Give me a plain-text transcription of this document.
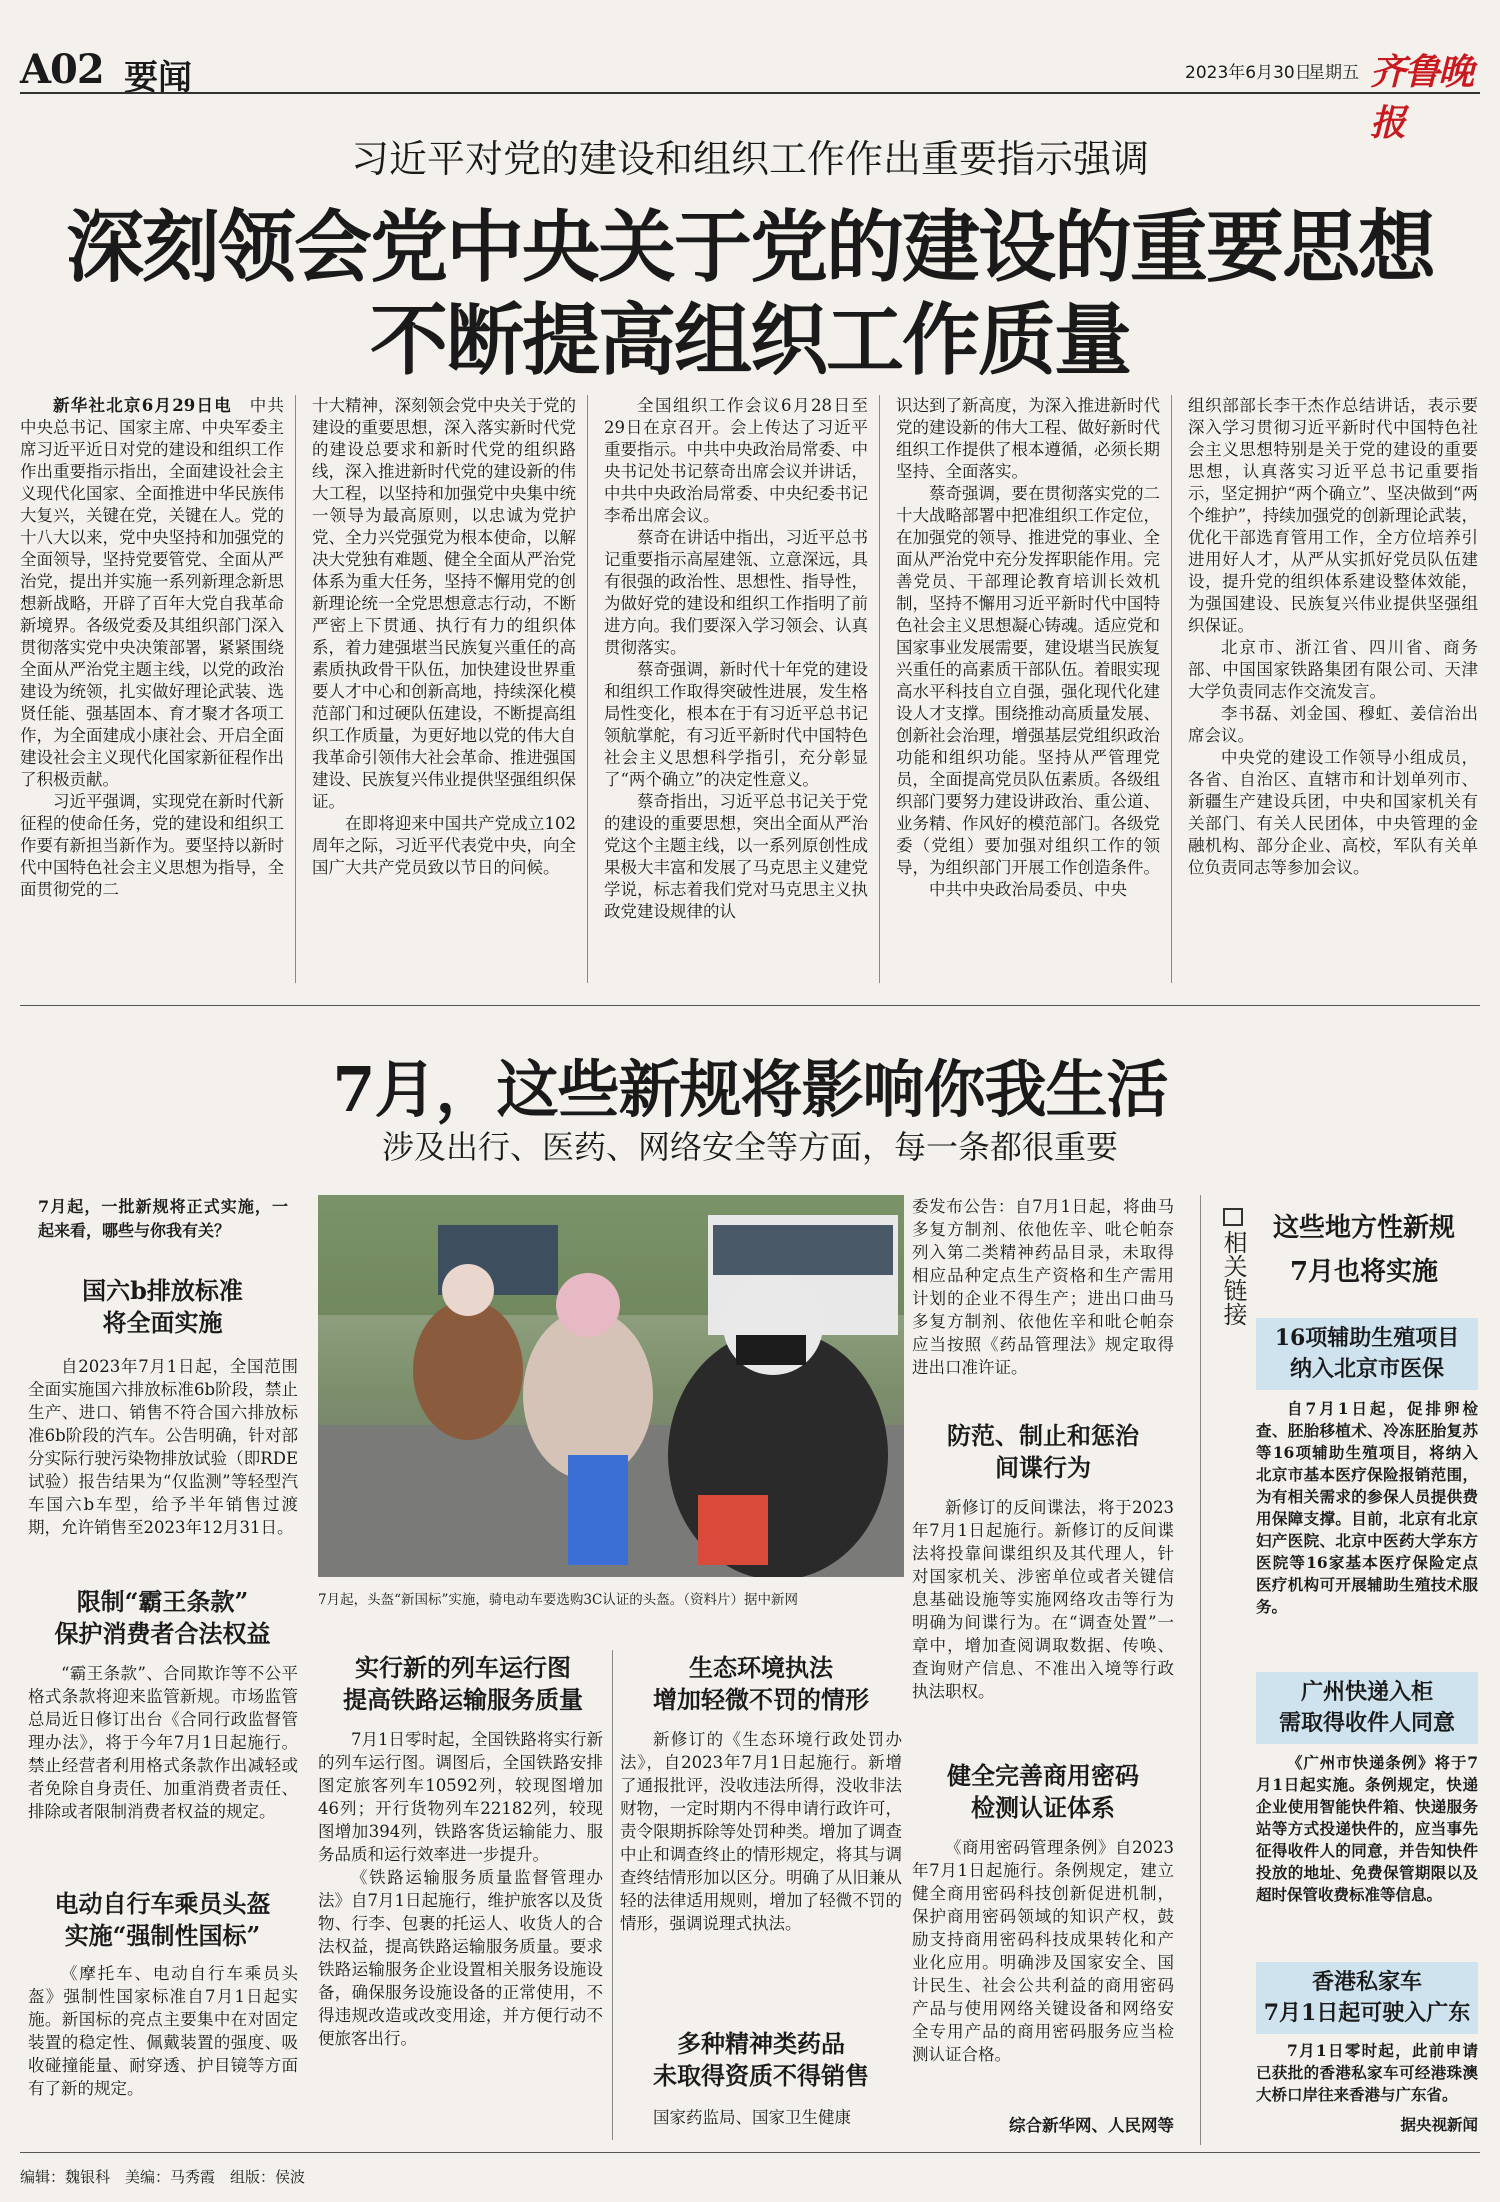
A02 要闻	2023年6月30日
星期五 齐鲁晚报
习近平对党的建设和组织工作作出重要指示强调
深刻领会党中央关于党的建设的重要思想
不断提高组织工作质量

新华社北京6月29日电　 中共中央总书记、国家主席、中央军委主席习近平近日对党的建设和组织工作作出重要指示指出，全面建设社会主义现代化国家、全面推进中华民族伟大复兴，关键在党，关键在人。党的十八大以来，党中央坚持和加强党的全面领导，坚持党要管党、全面从严治党，提出并实施一系列新理念新思想新战略，开辟了百年大党自我革命新境界。各级党委及其组织部门深入贯彻落实党中央决策部署，紧紧围绕全面从严治党主题主线，以党的政治建设为统领，扎实做好理论武装、选贤任能、强基固本、育才聚才各项工作，为全面建成小康社会、开启全面建设社会主义现代化国家新征程作出了积极贡献。

习近平强调，实现党在新时代新征程的使命任务，党的建设和组织工作要有新担当新作为。要坚持以新时代中国特色社会主义思想为指导，全面贯彻党的二

十大精神，深刻领会党中央关于党的建设的重要思想，深入落实新时代党的建设总要求和新时代党的组织路线，深入推进新时代党的建设新的伟大工程，以坚持和加强党中央集中统一领导为最高原则，以忠诚为党护党、全力兴党强党为根本使命，以解决大党独有难题、健全全面从严治党体系为重大任务，坚持不懈用党的创新理论统一全党思想意志行动，不断严密上下贯通、执行有力的组织体系，着力建强堪当民族复兴重任的高素质执政骨干队伍，加快建设世界重要人才中心和创新高地，持续深化模范部门和过硬队伍建设，不断提高组织工作质量，为更好地以党的伟大自我革命引领伟大社会革命、推进强国建设、民族复兴伟业提供坚强组织保证。

在即将迎来中国共产党成立102周年之际，习近平代表党中央，向全国广大共产党员致以节日的问候。

全国组织工作会议6月28日至29日在京召开。会上传达了习近平重要指示。中共中央政治局常委、中央书记处书记蔡奇出席会议并讲话，中共中央政治局常委、中央纪委书记李希出席会议。

蔡奇在讲话中指出，习近平总书记重要指示高屋建瓴、立意深远，具有很强的政治性、思想性、指导性，为做好党的建设和组织工作指明了前进方向。我们要深入学习领会、认真贯彻落实。

蔡奇强调，新时代十年党的建设和组织工作取得突破性进展，发生格局性变化，根本在于有习近平总书记领航掌舵，有习近平新时代中国特色社会主义思想科学指引，充分彰显了“两个确立”的决定性意义。

蔡奇指出，习近平总书记关于党的建设的重要思想，突出全面从严治党这个主题主线，以一系列原创性成果极大丰富和发展了马克思主义建党学说，标志着我们党对马克思主义执政党建设规律的认

识达到了新高度，为深入推进新时代党的建设新的伟大工程、做好新时代组织工作提供了根本遵循，必须长期坚持、全面落实。

蔡奇强调，要在贯彻落实党的二十大战略部署中把准组织工作定位，在加强党的领导、推进党的事业、全面从严治党中充分发挥职能作用。完善党员、干部理论教育培训长效机制，坚持不懈用习近平新时代中国特色社会主义思想凝心铸魂。适应党和国家事业发展需要，建设堪当民族复兴重任的高素质干部队伍。着眼实现高水平科技自立自强，强化现代化建设人才支撑。围绕推动高质量发展、创新社会治理，增强基层党组织政治功能和组织功能。坚持从严管理党员，全面提高党员队伍素质。各级组织部门要努力建设讲政治、重公道、业务精、作风好的模范部门。各级党委（党组）要加强对组织工作的领导，为组织部门开展工作创造条件。

中共中央政治局委员、中央

组织部部长李干杰作总结讲话，表示要深入学习贯彻习近平新时代中国特色社会主义思想特别是关于党的建设的重要思想，认真落实习近平总书记重要指示，坚定拥护“两个确立”、坚决做到“两个维护”，持续加强党的创新理论武装，优化干部选育管用工作，全方位培养引进用好人才，从严从实抓好党员队伍建设，提升党的组织体系建设整体效能，为强国建设、民族复兴伟业提供坚强组织保证。

北京市、浙江省、四川省、商务部、中国国家铁路集团有限公司、天津大学负责同志作交流发言。

李书磊、刘金国、穆虹、姜信治出席会议。

中央党的建设工作领导小组成员，各省、自治区、直辖市和计划单列市、新疆生产建设兵团，中央和国家机关有关部门、有关人民团体，中央管理的金融机构、部分企业、高校，军队有关单位负责同志等参加会议。

7月，这些新规将影响你我生活
涉及出行、医药、网络安全等方面，每一条都很重要
7月起，一批新规将正式实施，一起来看，哪些与你我有关？
国六b排放标准
将全面实施

自2023年7月1日起，全国范围全面实施国六排放标准6b阶段，禁止生产、进口、销售不符合国六排放标准6b阶段的汽车。公告明确，针对部分实际行驶污染物排放试验（即RDE试验）报告结果为“仅监测”等轻型汽车国六b车型，给予半年销售过渡期，允许销售至2023年12月31日。

限制“霸王条款”
保护消费者合法权益

“霸王条款”、合同欺诈等不公平格式条款将迎来监管新规。市场监管总局近日修订出台《合同行政监督管理办法》，将于今年7月1日起施行。禁止经营者利用格式条款作出减轻或者免除自身责任、加重消费者责任、排除或者限制消费者权益的规定。

电动自行车乘员头盔
实施“强制性国标”

《摩托车、电动自行车乘员头盔》强制性国家标准自7月1日起实施。新国标的亮点主要集中在对固定装置的稳定性、佩戴装置的强度、吸收碰撞能量、耐穿透、护目镜等方面有了新的规定。

7月起，头盔“新国标”实施，骑电动车要选购3C认证的头盔。（资料片）据中新网
实行新的列车运行图
提高铁路运输服务质量

7月1日零时起，全国铁路将实行新的列车运行图。调图后，全国铁路安排图定旅客列车10592列，较现图增加46列；开行货物列车22182列，较现图增加394列，铁路客货运输能力、服务品质和运行效率进一步提升。

《铁路运输服务质量监督管理办法》自7月1日起施行，维护旅客以及货物、行李、包裹的托运人、收货人的合法权益，提高铁路运输服务质量。要求铁路运输服务企业设置相关服务设施设备，确保服务设施设备的正常使用，不得违规改造或改变用途，并方便行动不便旅客出行。

生态环境执法
增加轻微不罚的情形

新修订的《生态环境行政处罚办法》，自2023年7月1日起施行。新增了通报批评，没收违法所得，没收非法财物，一定时期内不得申请行政许可，责令限期拆除等处罚种类。增加了调查中止和调查终止的情形规定，将其与调查终结情形加以区分。明确了从旧兼从轻的法律适用规则，增加了轻微不罚的情形，强调说理式执法。

多种精神类药品
未取得资质不得销售

国家药监局、国家卫生健康

委发布公告：自7月1日起，将曲马多复方制剂、依他佐辛、吡仑帕奈列入第二类精神药品目录，未取得相应品种定点生产资格和生产需用计划的企业不得生产；进出口曲马多复方制剂、依他佐辛和吡仑帕奈应当按照《药品管理法》规定取得进出口准许证。

防范、制止和惩治
间谍行为

新修订的反间谍法，将于2023年7月1日起施行。新修订的反间谍法将投靠间谍组织及其代理人，针对国家机关、涉密单位或者关键信息基础设施等实施网络攻击等行为明确为间谍行为。在“调查处置”一章中，增加查阅调取数据、传唤、查询财产信息、不准出入境等行政执法职权。

健全完善商用密码
检测认证体系

《商用密码管理条例》自2023年7月1日起施行。条例规定，建立健全商用密码科技创新促进机制，保护商用密码领域的知识产权，鼓励支持商用密码科技成果转化和产业化应用。明确涉及国家安全、国计民生、社会公共利益的商用密码产品与使用网络关键设备和网络安全专用产品的商用密码服务应当检测认证合格。

综合新华网、人民网等
相关链接
这些地方性新规
7月也将实施
16项辅助生殖项目
纳入北京市医保

自7月1日起，促排卵检查、胚胎移植术、冷冻胚胎复苏等16项辅助生殖项目，将纳入北京市基本医疗保险报销范围，为有相关需求的参保人员提供费用保障支撑。目前，北京有北京妇产医院、北京中医药大学东方医院等16家基本医疗保险定点医疗机构可开展辅助生殖技术服务。

广州快递入柜
需取得收件人同意

《广州市快递条例》将于7月1日起实施。条例规定，快递企业使用智能快件箱、快递服务站等方式投递快件的，应当事先征得收件人的同意，并告知快件投放的地址、免费保管期限以及超时保管收费标准等信息。

香港私家车
7月1日起可驶入广东

7月1日零时起，此前申请已获批的香港私家车可经港珠澳大桥口岸往来香港与广东省。

据央视新闻
编辑：魏银科　美编：马秀霞　组版：侯波
